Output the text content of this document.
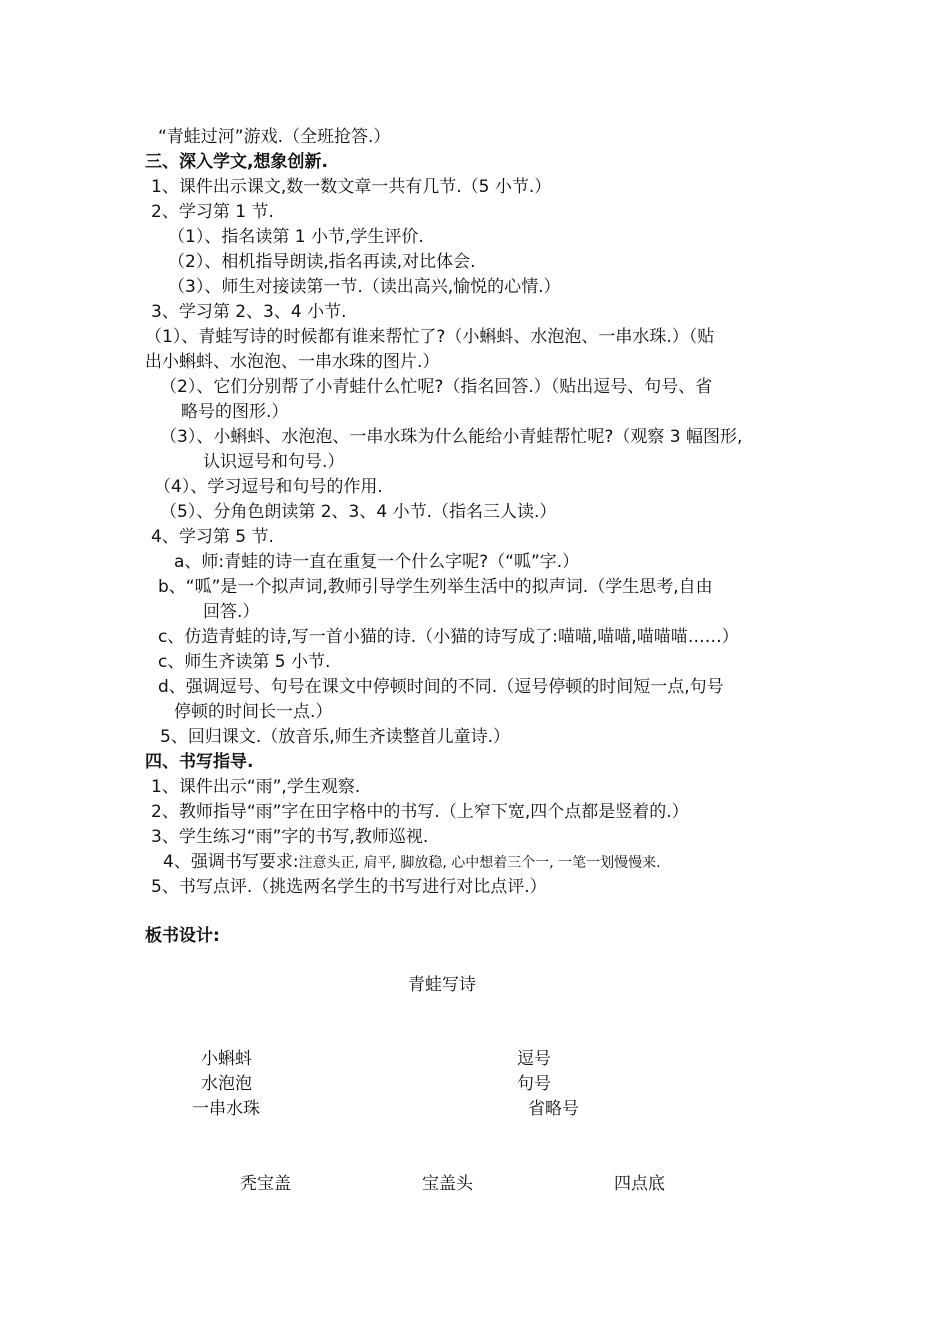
“青蛙过河”游戏.（全班抢答.）

三、深入学文,想象创新.

1、课件出示课文,数一数文章一共有几节.（5 小节.）

2、学习第 1 节.

（1）、指名读第 1 小节,学生评价.

（2）、相机指导朗读,指名再读,对比体会.

（3）、师生对接读第一节.（读出高兴,愉悦的心情.）

3、学习第 2、3、4 小节.

（1）、青蛙写诗的时候都有谁来帮忙了?（小蝌蚪、水泡泡、一串水珠.）（贴

出小蝌蚪、水泡泡、一串水珠的图片.）

（2）、它们分别帮了小青蛙什么忙呢?（指名回答.）（贴出逗号、句号、省

略号的图形.）

（3）、小蝌蚪、水泡泡、一串水珠为什么能给小青蛙帮忙呢?（观察 3 幅图形,

认识逗号和句号.）

（4）、学习逗号和句号的作用.

（5）、分角色朗读第 2、3、4 小节.（指名三人读.）

4、学习第 5 节.

a、师:青蛙的诗一直在重复一个什么字呢?（“呱”字.）

b、“呱”是一个拟声词,教师引导学生列举生活中的拟声词.（学生思考,自由

回答.）

c、仿造青蛙的诗,写一首小猫的诗.（小猫的诗写成了:喵喵,喵喵,喵喵喵……）

c、师生齐读第 5 小节.

d、强调逗号、句号在课文中停顿时间的不同.（逗号停顿的时间短一点,句号

停顿的时间长一点.）

5、回归课文.（放音乐,师生齐读整首儿童诗.）

四、书写指导.

1、课件出示“雨”,学生观察.

2、教师指导“雨”字在田字格中的书写.（上窄下宽,四个点都是竖着的.）

3、学生练习“雨”字的书写,教师巡视.

4、强调书写要求:注意头正, 肩平, 脚放稳, 心中想着三个一, 一笔一划慢慢来.

5、书写点评.（挑选两名学生的书写进行对比点评.）

板书设计:

青蛙写诗

小蝌蚪

水泡泡

一串水珠

逗号

句号

省略号

秃宝盖	宝盖头	四点底
